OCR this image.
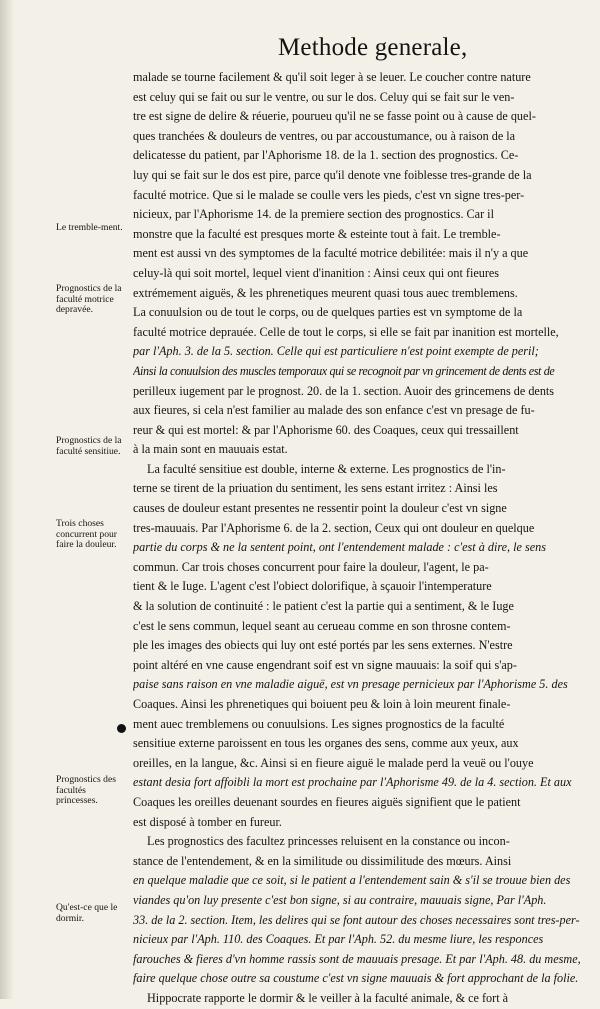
Methode generale,
Le tremble-ment.
Prognostics de la faculté motrice depravée.
Prognostics de la faculté sensitiue.
Trois choses concurrent pour faire la douleur.
Prognostics des facultés princesses.
Qu'est-ce que le dormir.
malade se tourne facilement & qu'il soit leger à se leuer. Le coucher contre nature
est celuy qui se fait ou sur le ventre, ou sur le dos. Celuy qui se fait sur le ven-
tre est signe de delire & réuerie, pourueu qu'il ne se fasse point ou à cause de quel-
ques tranchées & douleurs de ventres, ou par accoustumance, ou à raison de la
delicatesse du patient, par l'Aphorisme 18. de la 1. section des prognostics. Ce-
luy qui se fait sur le dos est pire, parce qu'il denote vne foiblesse tres-grande de la
faculté motrice. Que si le malade se coulle vers les pieds, c'est vn signe tres-per-
nicieux, par l'Aphorisme 14. de la premiere section des prognostics. Car il
monstre que la faculté est presques morte & esteinte tout à fait. Le tremble-
ment est aussi vn des symptomes de la faculté motrice debilitée: mais il n'y a que
celuy-là qui soit mortel, lequel vient d'inanition : Ainsi ceux qui ont fieures
extrémement aiguës, & les phrenetiques meurent quasi tous auec tremblemens.
La conuulsion ou de tout le corps, ou de quelques parties est vn symptome de la
faculté motrice deprauée. Celle de tout le corps, si elle se fait par inanition est mortelle,
par l'Aph. 3. de la 5. section. Celle qui est particuliere n'est point exempte de peril;
Ainsi la conuulsion des muscles temporaux qui se recognoit par vn grincement de dents est de
perilleux iugement par le prognost. 20. de la 1. section. Auoir des grincemens de dents
aux fieures, si cela n'est familier au malade des son enfance c'est vn presage de fu-
reur & qui est mortel: & par l'Aphorisme 60. des Coaques, ceux qui tressaillent
à la main sont en mauuais estat.
La faculté sensitiue est double, interne & externe. Les prognostics de l'in-
terne se tirent de la priuation du sentiment, les sens estant irritez : Ainsi les
causes de douleur estant presentes ne ressentir point la douleur c'est vn signe
tres-mauuais. Par l'Aphorisme 6. de la 2. section, Ceux qui ont douleur en quelque
partie du corps & ne la sentent point, ont l'entendement malade : c'est à dire, le sens
commun. Car trois choses concurrent pour faire la douleur, l'agent, le pa-
tient & le Iuge. L'agent c'est l'obiect dolorifique, à sçauoir l'intemperature
& la solution de continuité : le patient c'est la partie qui a sentiment, & le Iuge
c'est le sens commun, lequel seant au cerueau comme en son throsne contem-
ple les images des obiects qui luy ont esté portés par les sens externes. N'estre
point altéré en vne cause engendrant soif est vn signe mauuais: la soif qui s'ap-
paise sans raison en vne maladie aiguë, est vn presage pernicieux par l'Aphorisme 5. des
Coaques. Ainsi les phrenetiques qui boiuent peu & loin à loin meurent finale-
ment auec tremblemens ou conuulsions. Les signes prognostics de la faculté
sensitiue externe paroissent en tous les organes des sens, comme aux yeux, aux
oreilles, en la langue, &c. Ainsi si en fieure aiguë le malade perd la veuë ou l'ouye
estant desia fort affoibli la mort est prochaine par l'Aphorisme 49. de la 4. section. Et aux
Coaques les oreilles deuenant sourdes en fieures aiguës signifient que le patient
est disposé à tomber en fureur.
Les prognostics des facultez princesses reluisent en la constance ou incon-
stance de l'entendement, & en la similitude ou dissimilitude des mœurs. Ainsi
en quelque maladie que ce soit, si le patient a l'entendement sain & s'il se trouue bien des
viandes qu'on luy presente c'est bon signe, si au contraire, mauuais signe, Par l'Aph.
33. de la 2. section. Item, les delires qui se font autour des choses necessaires sont tres-per-
nicieux par l'Aph. 110. des Coaques. Et par l'Aph. 52. du mesme liure, les responces
farouches & fieres d'vn homme rassis sont de mauuais presage. Et par l'Aph. 48. du mesme,
faire quelque chose outre sa coustume c'est vn signe mauuais & fort approchant de la folie.
Hippocrate rapporte le dormir & le veiller à la faculté animale, & ce fort à
